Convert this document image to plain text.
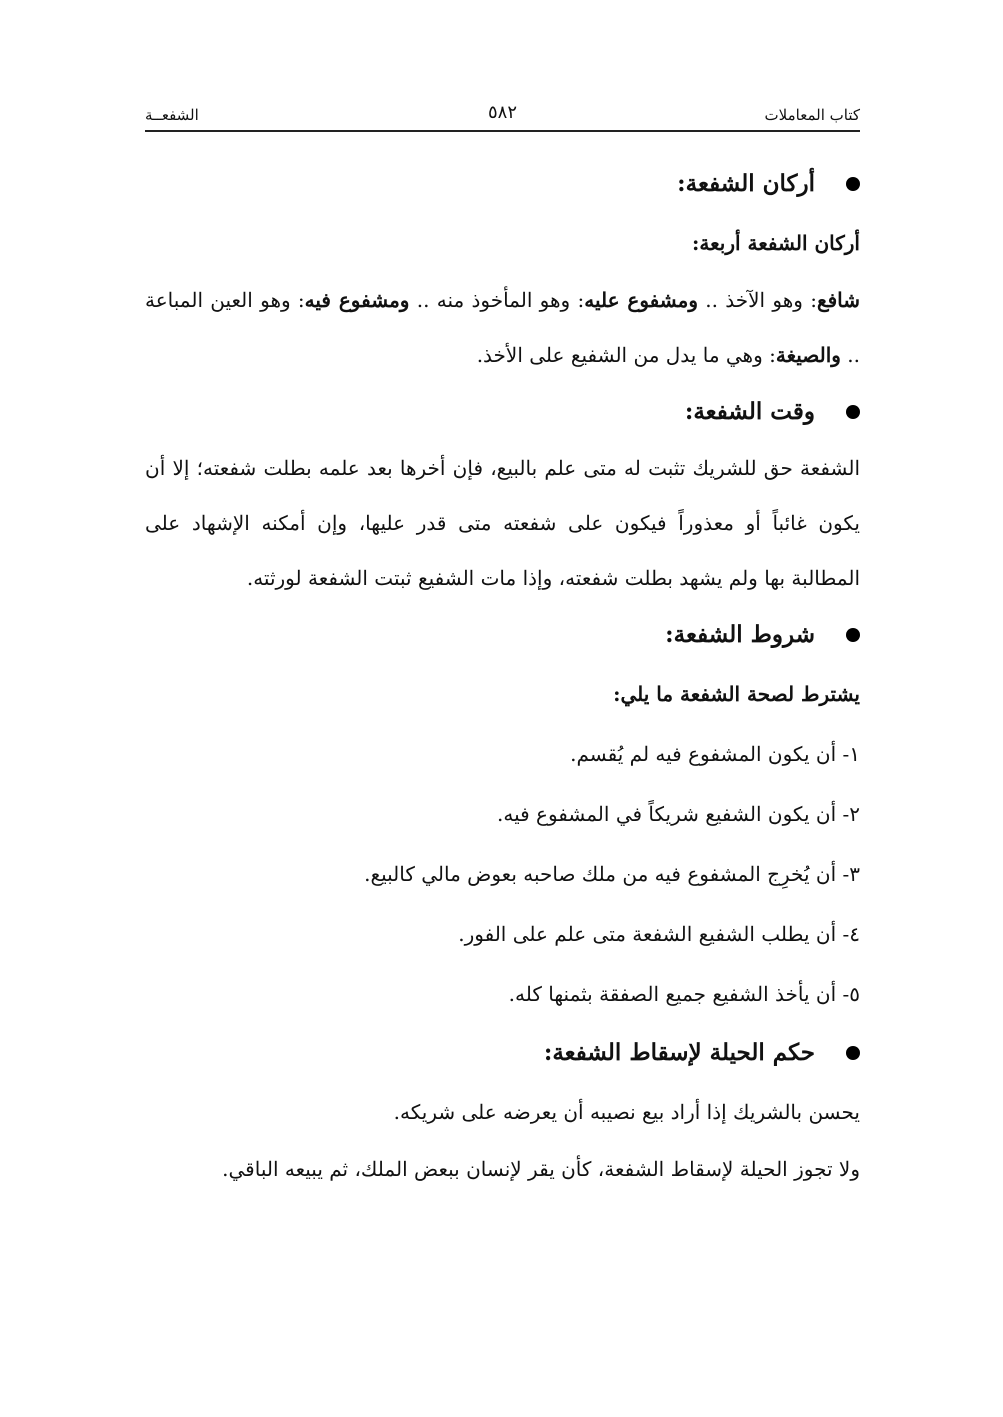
كتاب المعاملات
٥٨٢
الشفعــة
أركان الشفعة:

أركان الشفعة أربعة:

شافع: وهو الآخذ .. ومشفوع عليه: وهو المأخوذ منه .. ومشفوع فيه: وهو العين المباعة .. والصيغة: وهي ما يدل من الشفيع على الأخذ.

وقت الشفعة:

الشفعة حق للشريك تثبت له متى علم بالبيع، فإن أخرها بعد علمه بطلت شفعته؛ إلا أن يكون غائباً أو معذوراً فيكون على شفعته متى قدر عليها، وإن أمكنه الإشهاد على المطالبة بها ولم يشهد بطلت شفعته، وإذا مات الشفيع ثبتت الشفعة لورثته.

شروط الشفعة:

يشترط لصحة الشفعة ما يلي:

١- أن يكون المشفوع فيه لم يُقسم.

٢- أن يكون الشفيع شريكاً في المشفوع فيه.

٣- أن يُخرِج المشفوع فيه من ملك صاحبه بعوض مالي كالبيع.

٤- أن يطلب الشفيع الشفعة متى علم على الفور.

٥- أن يأخذ الشفيع جميع الصفقة بثمنها كله.

حكم الحيلة لإسقاط الشفعة:

يحسن بالشريك إذا أراد بيع نصيبه أن يعرضه على شريكه.

ولا تجوز الحيلة لإسقاط الشفعة، كأن يقر لإنسان ببعض الملك، ثم يبيعه الباقي.
